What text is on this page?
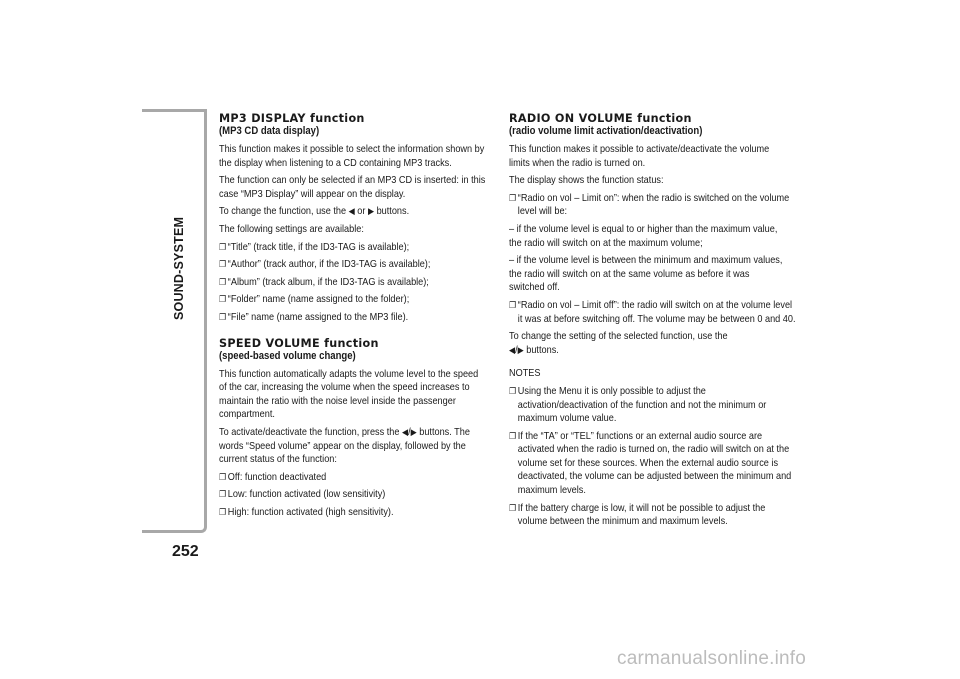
SOUND-SYSTEM
252
MP3 DISPLAY function
(MP3 CD data display)

This function makes it possible to select the information shown by the display when listening to a CD containing MP3 tracks.

The function can only be selected if an MP3 CD is inserted: in this case “MP3 Display” will appear on the display.

To change the function, use the ◀ or ▶ buttons.

The following settings are available:

❐ “Title” (track title, if the ID3-TAG is available);

❐ “Author” (track author, if the ID3-TAG is available);

❐ “Album” (track album, if the ID3-TAG is available);

❐ “Folder” name (name assigned to the folder);

❐ “File” name (name assigned to the MP3 file).

SPEED VOLUME function
(speed-based volume change)

This function automatically adapts the volume level to the speed of the car, increasing the volume when the speed increases to maintain the ratio with the noise level inside the passenger compartment.

To activate/deactivate the function, press the ◀/▶ buttons. The words “Speed volume” appear on the display, followed by the current status of the function:

❐ Off: function deactivated

❐ Low: function activated (low sensitivity)

❐ High: function activated (high sensitivity).

RADIO ON VOLUME function
(radio volume limit activation/deactivation)

This function makes it possible to activate/deactivate the volume limits when the radio is turned on.

The display shows the function status:

❐ “Radio on vol – Limit on”: when the radio is switched on the volume level will be:

– if the volume level is equal to or higher than the maximum value, the radio will switch on at the maximum volume;

– if the volume level is between the minimum and maximum values, the radio will switch on at the same volume as before it was switched off.

❐ “Radio on vol – Limit off”: the radio will switch on at the volume level it was at before switching off. The volume may be between 0 and 40.

To change the setting of the selected function, use the
◀/▶ buttons.

NOTES

❐ Using the Menu it is only possible to adjust the activation/deactivation of the function and not the minimum or maximum volume value.

❐ If the “TA” or “TEL” functions or an external audio source are activated when the radio is turned on, the radio will switch on at the volume set for these sources. When the external audio source is deactivated, the volume can be adjusted between the minimum and maximum levels.

❐ If the battery charge is low, it will not be possible to adjust the volume between the minimum and maximum levels.

carmanualsonline.info
